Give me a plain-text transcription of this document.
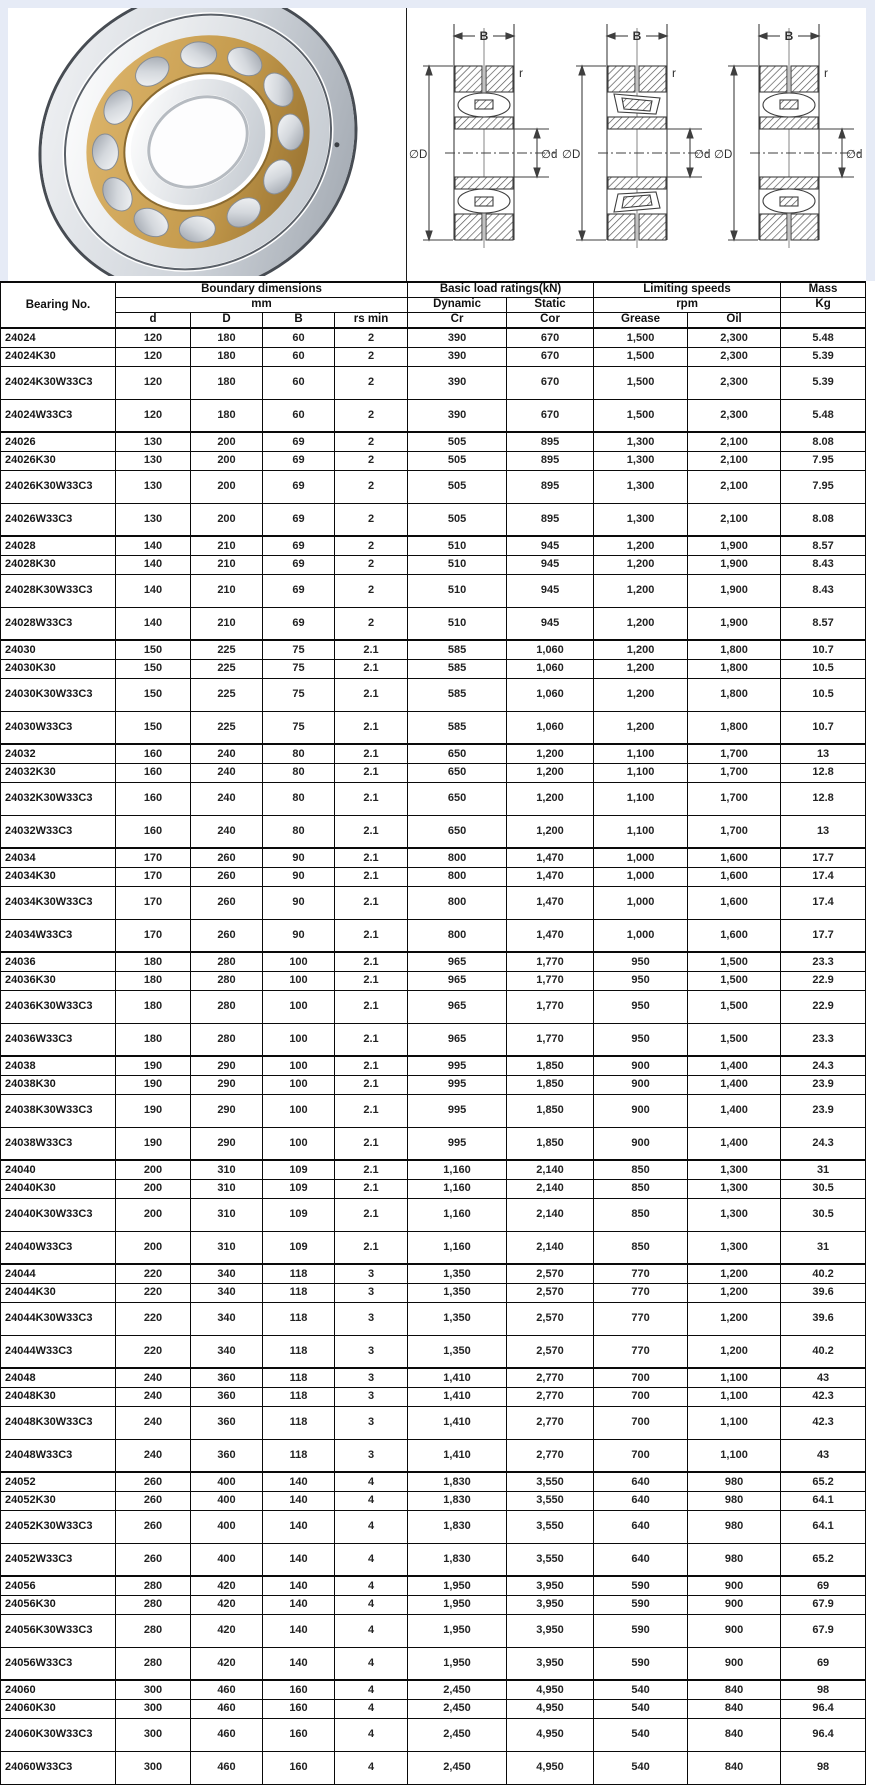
B
r
∅D	∅d
B
r
∅D	∅d
B
r
∅D	∅d
Bearing No.	Boundary dimensions				Basic load ratings(kN)		Limiting speeds		Mass
	mm				Dynamic	Static	rpm		Kg
	d	D	B	rs min	Cr	Cor	Grease	Oil	
24024	120	180	60	2	390	670	1,500	2,300	5.48
24024K30	120	180	60	2	390	670	1,500	2,300	5.39
24024K30W33C3	120	180	60	2	390	670	1,500	2,300	5.39
24024W33C3	120	180	60	2	390	670	1,500	2,300	5.48
24026	130	200	69	2	505	895	1,300	2,100	8.08
24026K30	130	200	69	2	505	895	1,300	2,100	7.95
24026K30W33C3	130	200	69	2	505	895	1,300	2,100	7.95
24026W33C3	130	200	69	2	505	895	1,300	2,100	8.08
24028	140	210	69	2	510	945	1,200	1,900	8.57
24028K30	140	210	69	2	510	945	1,200	1,900	8.43
24028K30W33C3	140	210	69	2	510	945	1,200	1,900	8.43
24028W33C3	140	210	69	2	510	945	1,200	1,900	8.57
24030	150	225	75	2.1	585	1,060	1,200	1,800	10.7
24030K30	150	225	75	2.1	585	1,060	1,200	1,800	10.5
24030K30W33C3	150	225	75	2.1	585	1,060	1,200	1,800	10.5
24030W33C3	150	225	75	2.1	585	1,060	1,200	1,800	10.7
24032	160	240	80	2.1	650	1,200	1,100	1,700	13
24032K30	160	240	80	2.1	650	1,200	1,100	1,700	12.8
24032K30W33C3	160	240	80	2.1	650	1,200	1,100	1,700	12.8
24032W33C3	160	240	80	2.1	650	1,200	1,100	1,700	13
24034	170	260	90	2.1	800	1,470	1,000	1,600	17.7
24034K30	170	260	90	2.1	800	1,470	1,000	1,600	17.4
24034K30W33C3	170	260	90	2.1	800	1,470	1,000	1,600	17.4
24034W33C3	170	260	90	2.1	800	1,470	1,000	1,600	17.7
24036	180	280	100	2.1	965	1,770	950	1,500	23.3
24036K30	180	280	100	2.1	965	1,770	950	1,500	22.9
24036K30W33C3	180	280	100	2.1	965	1,770	950	1,500	22.9
24036W33C3	180	280	100	2.1	965	1,770	950	1,500	23.3
24038	190	290	100	2.1	995	1,850	900	1,400	24.3
24038K30	190	290	100	2.1	995	1,850	900	1,400	23.9
24038K30W33C3	190	290	100	2.1	995	1,850	900	1,400	23.9
24038W33C3	190	290	100	2.1	995	1,850	900	1,400	24.3
24040	200	310	109	2.1	1,160	2,140	850	1,300	31
24040K30	200	310	109	2.1	1,160	2,140	850	1,300	30.5
24040K30W33C3	200	310	109	2.1	1,160	2,140	850	1,300	30.5
24040W33C3	200	310	109	2.1	1,160	2,140	850	1,300	31
24044	220	340	118	3	1,350	2,570	770	1,200	40.2
24044K30	220	340	118	3	1,350	2,570	770	1,200	39.6
24044K30W33C3	220	340	118	3	1,350	2,570	770	1,200	39.6
24044W33C3	220	340	118	3	1,350	2,570	770	1,200	40.2
24048	240	360	118	3	1,410	2,770	700	1,100	43
24048K30	240	360	118	3	1,410	2,770	700	1,100	42.3
24048K30W33C3	240	360	118	3	1,410	2,770	700	1,100	42.3
24048W33C3	240	360	118	3	1,410	2,770	700	1,100	43
24052	260	400	140	4	1,830	3,550	640	980	65.2
24052K30	260	400	140	4	1,830	3,550	640	980	64.1
24052K30W33C3	260	400	140	4	1,830	3,550	640	980	64.1
24052W33C3	260	400	140	4	1,830	3,550	640	980	65.2
24056	280	420	140	4	1,950	3,950	590	900	69
24056K30	280	420	140	4	1,950	3,950	590	900	67.9
24056K30W33C3	280	420	140	4	1,950	3,950	590	900	67.9
24056W33C3	280	420	140	4	1,950	3,950	590	900	69
24060	300	460	160	4	2,450	4,950	540	840	98
24060K30	300	460	160	4	2,450	4,950	540	840	96.4
24060K30W33C3	300	460	160	4	2,450	4,950	540	840	96.4
24060W33C3	300	460	160	4	2,450	4,950	540	840	98
